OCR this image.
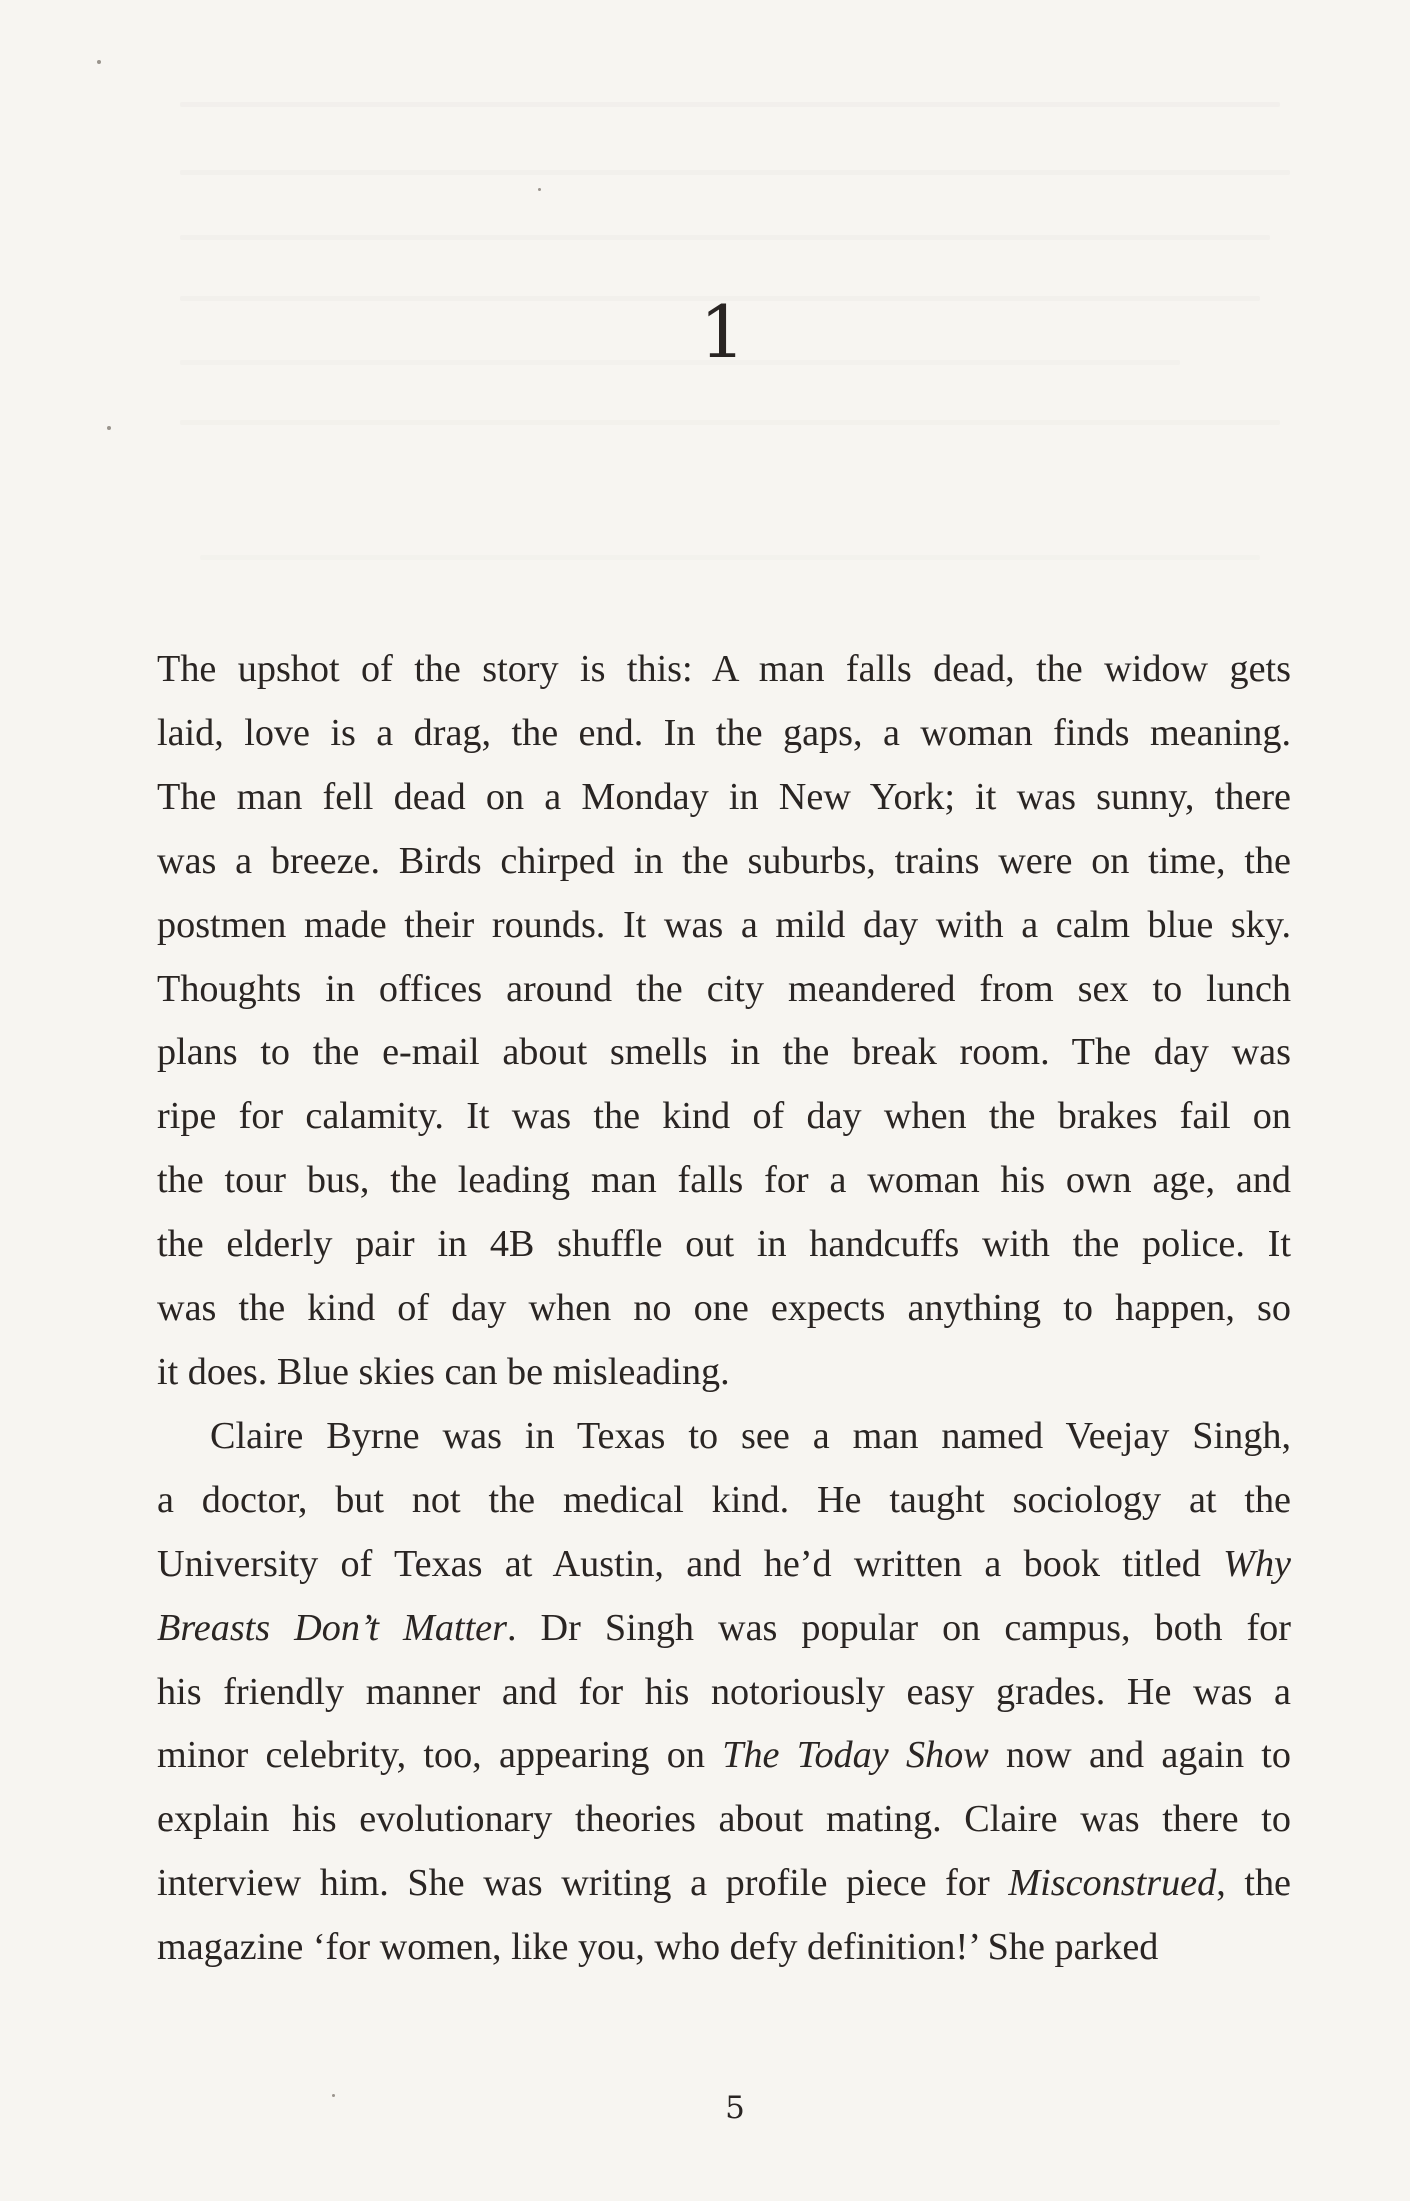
1
The upshot of the story is this: A man falls dead, the widow gets
laid, love is a drag, the end. In the gaps, a woman finds meaning.
The man fell dead on a Monday in New York; it was sunny, there
was a breeze. Birds chirped in the suburbs, trains were on time, the
postmen made their rounds. It was a mild day with a calm blue sky.
Thoughts in offices around the city meandered from sex to lunch
plans to the e-mail about smells in the break room. The day was
ripe for calamity. It was the kind of day when the brakes fail on
the tour bus, the leading man falls for a woman his own age, and
the elderly pair in 4B shuffle out in handcuffs with the police. It
was the kind of day when no one expects anything to happen, so
it does. Blue skies can be misleading.
Claire Byrne was in Texas to see a man named Veejay Singh,
a doctor, but not the medical kind. He taught sociology at the
University of Texas at Austin, and he’d written a book titled Why
Breasts Don’t Matter. Dr Singh was popular on campus, both for
his friendly manner and for his notoriously easy grades. He was a
minor celebrity, too, appearing on The Today Show now and again to
explain his evolutionary theories about mating. Claire was there to
interview him. She was writing a profile piece for Misconstrued, the
magazine ‘for women, like you, who defy definition!’ She parked
5
